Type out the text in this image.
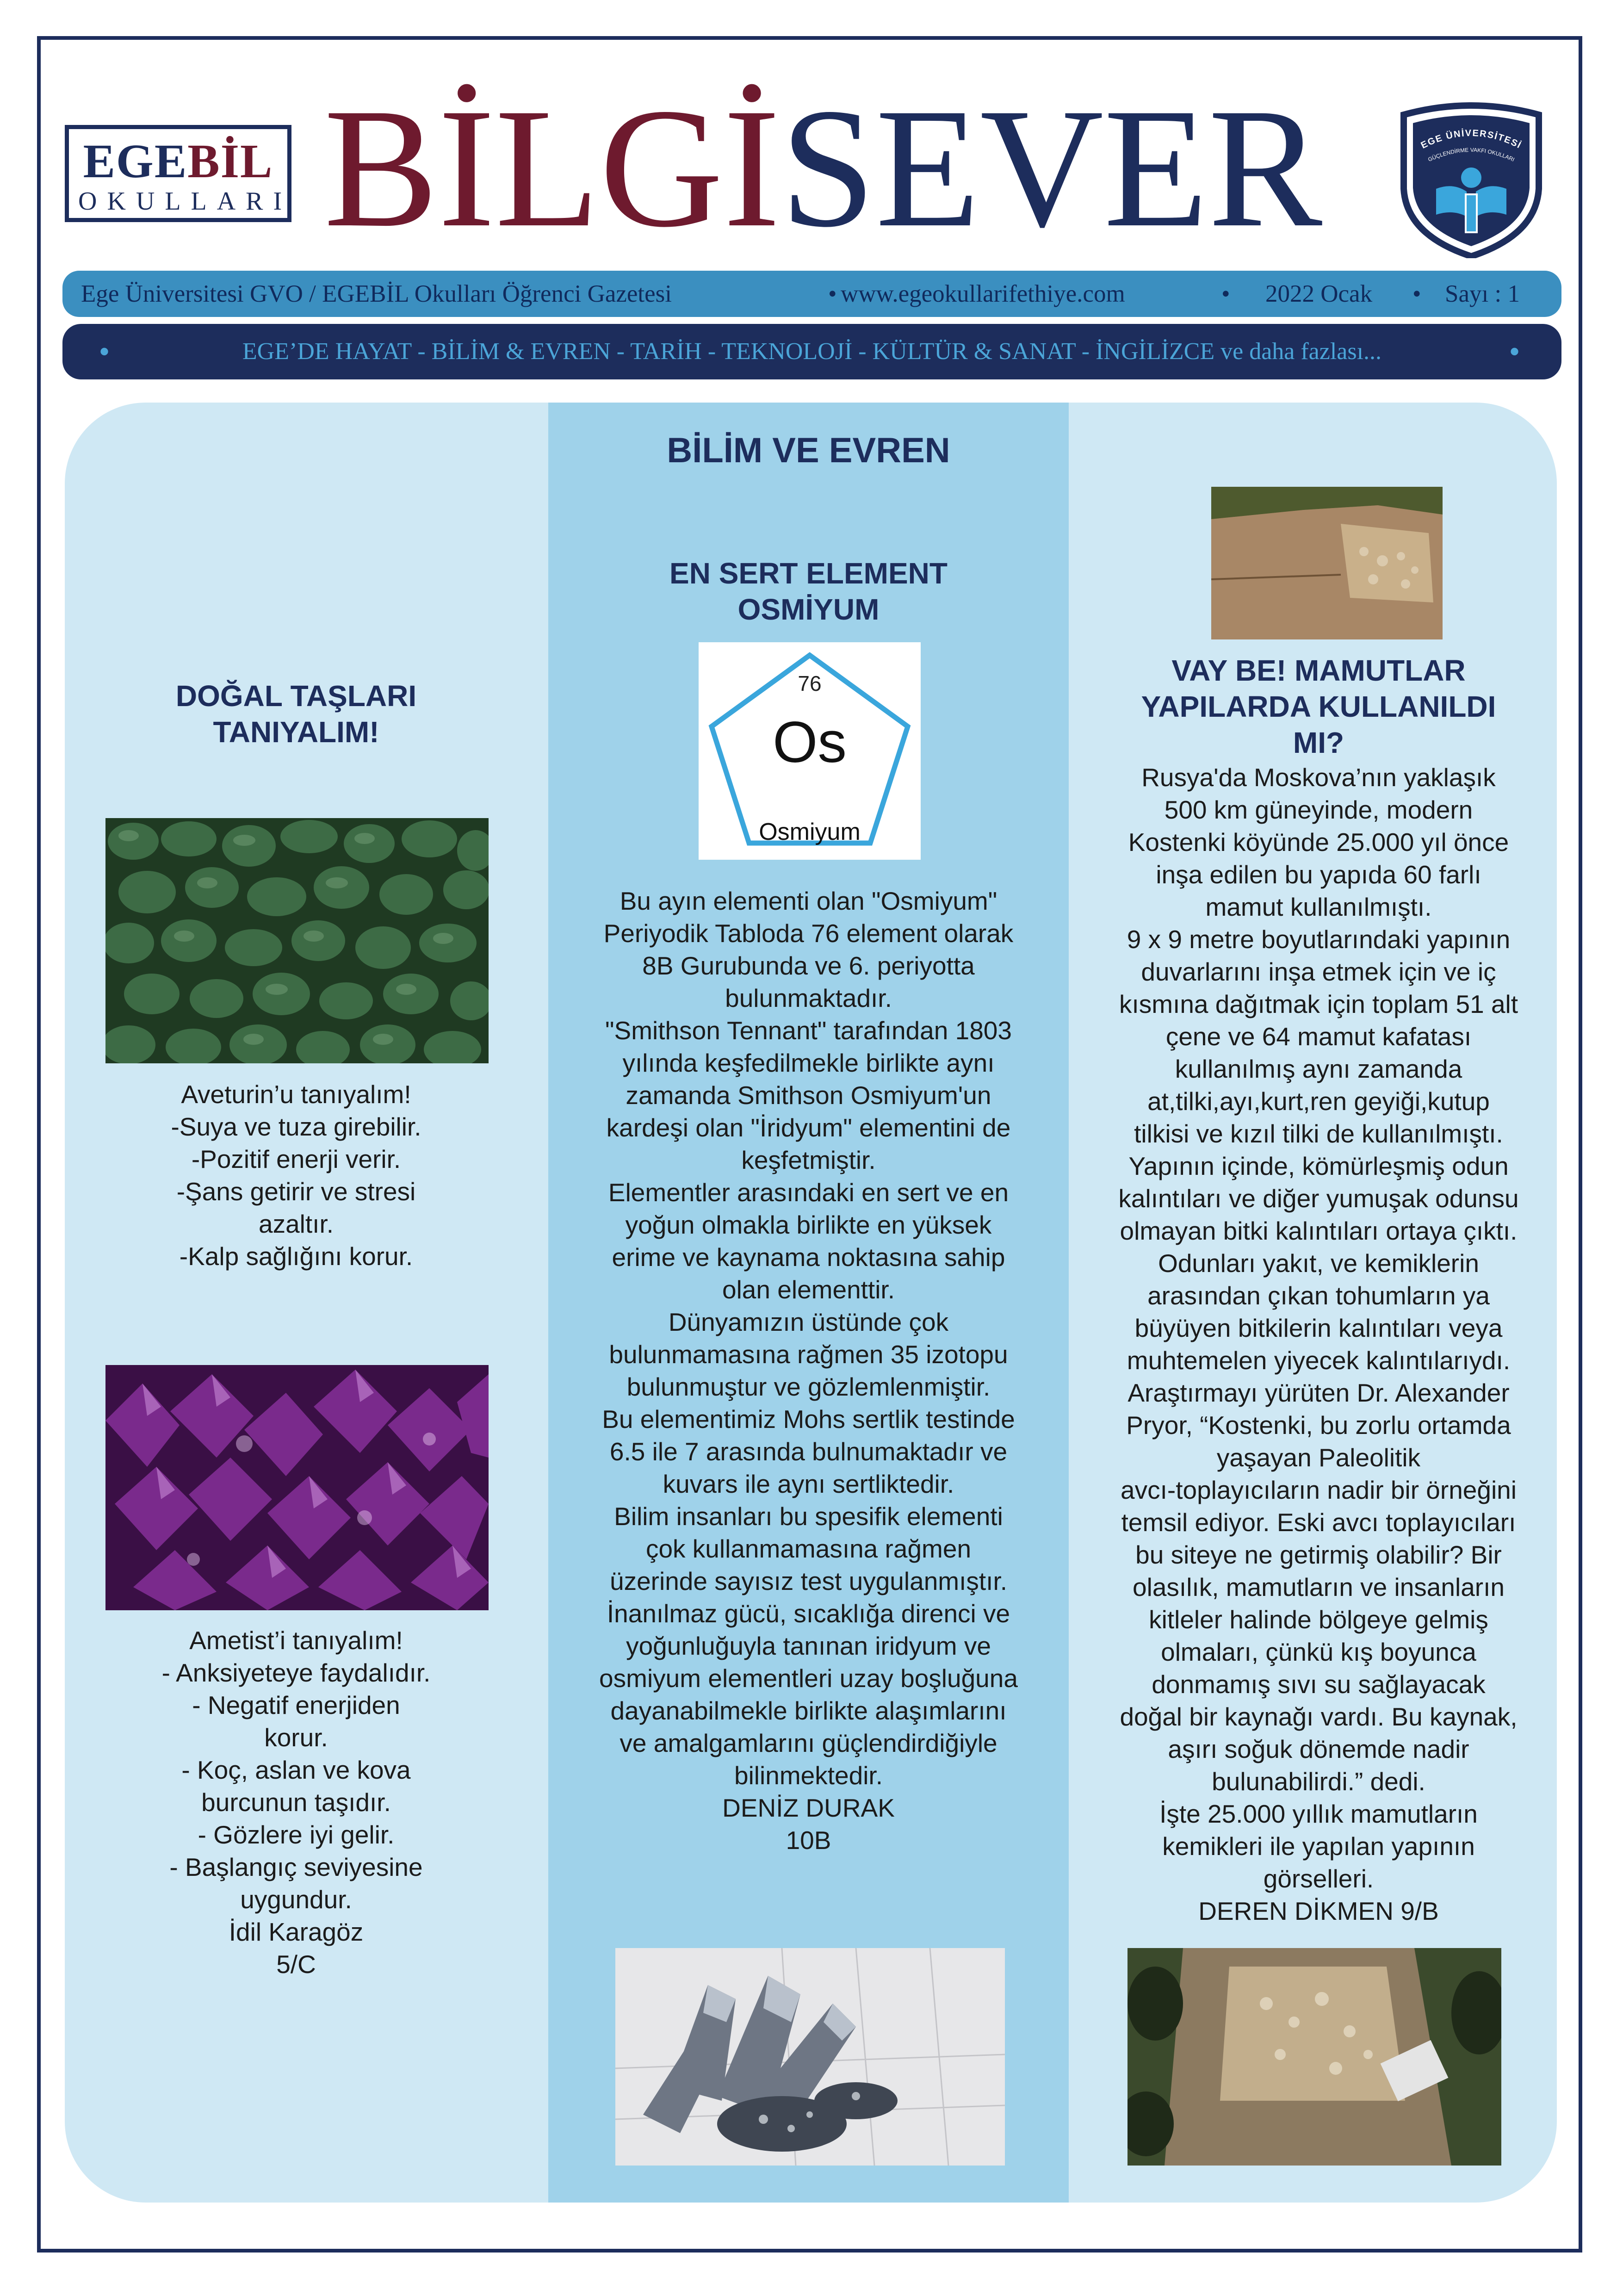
EGEBİL
OKULLARI BİLGİSEVER	EGE ÜNİVERSİTESİ
GÜÇLENDİRME VAKFI OKULLARI
Ege Üniversitesi GVO / EGEBİL Okulları Öğrenci Gazetesi	• www.egeokullarifethiye.com	• 2022 Ocak • Sayı : 1
•	EGE’DE HAYAT - BİLİM & EVREN - TARİH - TEKNOLOJİ - KÜLTÜR & SANAT - İNGİLİZCE ve daha fazlası...	•
BİLİM VE EVREN

DOĞAL TAŞLARI
TANIYALIM!

Aveturin’u tanıyalım!
-Suya ve tuza girebilir.
-Pozitif enerji verir.
-Şans getirir ve stresi
azaltır.
-Kalp sağlığını korur.

Ametist’i tanıyalım!
- Anksiyeteye faydalıdır.
- Negatif enerjiden
korur.
- Koç, aslan ve kova
burcunun taşıdır.
- Gözlere iyi gelir.
- Başlangıç seviyesine
uygundur.
İdil Karagöz
5/C

EN SERT ELEMENT
OSMİYUM

76
Os
Osmiyum

Bu ayın elementi olan "Osmiyum"
Periyodik Tabloda 76 element olarak
8B Gurubunda ve 6. periyotta
bulunmaktadır.
"Smithson Tennant" tarafından 1803
yılında keşfedilmekle birlikte aynı
zamanda Smithson Osmiyum'un
kardeşi olan "İridyum" elementini de
keşfetmiştir.
Elementler arasındaki en sert ve en
yoğun olmakla birlikte en yüksek
erime ve kaynama noktasına sahip
olan elementtir.
Dünyamızın üstünde çok
bulunmamasına rağmen 35 izotopu
bulunmuştur ve gözlemlenmiştir.
Bu elementimiz Mohs sertlik testinde
6.5 ile 7 arasında bulnumaktadır ve
kuvars ile aynı sertliktedir.
Bilim insanları bu spesifik elementi
çok kullanmamasına rağmen
üzerinde sayısız test uygulanmıştır.
İnanılmaz gücü, sıcaklığa direnci ve
yoğunluğuyla tanınan iridyum ve
osmiyum elementleri uzay boşluğuna
dayanabilmekle birlikte alaşımlarını
ve amalgamlarını güçlendirdiğiyle
bilinmektedir.
DENİZ DURAK
10B

VAY BE! MAMUTLAR
YAPILARDA KULLANILDI
MI?

Rusya'da Moskova’nın yaklaşık
500 km güneyinde, modern
Kostenki köyünde 25.000 yıl önce
inşa edilen bu yapıda 60 farlı
mamut kullanılmıştı.
9 x 9 metre boyutlarındaki yapının
duvarlarını inşa etmek için ve iç
kısmına dağıtmak için toplam 51 alt
çene ve 64 mamut kafatası
kullanılmış aynı zamanda
at,tilki,ayı,kurt,ren geyiği,kutup
tilkisi ve kızıl tilki de kullanılmıştı.
Yapının içinde, kömürleşmiş odun
kalıntıları ve diğer yumuşak odunsu
olmayan bitki kalıntıları ortaya çıktı.
Odunları yakıt, ve kemiklerin
arasından çıkan tohumların ya
büyüyen bitkilerin kalıntıları veya
muhtemelen yiyecek kalıntılarıydı.
Araştırmayı yürüten Dr. Alexander
Pryor, “Kostenki, bu zorlu ortamda
yaşayan Paleolitik
avcı-toplayıcıların nadir bir örneğini
temsil ediyor. Eski avcı toplayıcıları
bu siteye ne getirmiş olabilir? Bir
olasılık, mamutların ve insanların
kitleler halinde bölgeye gelmiş
olmaları, çünkü kış boyunca
donmamış sıvı su sağlayacak
doğal bir kaynağı vardı. Bu kaynak,
aşırı soğuk dönemde nadir
bulunabilirdi.” dedi.
İşte 25.000 yıllık mamutların
kemikleri ile yapılan yapının
görselleri.
DEREN DİKMEN 9/B
